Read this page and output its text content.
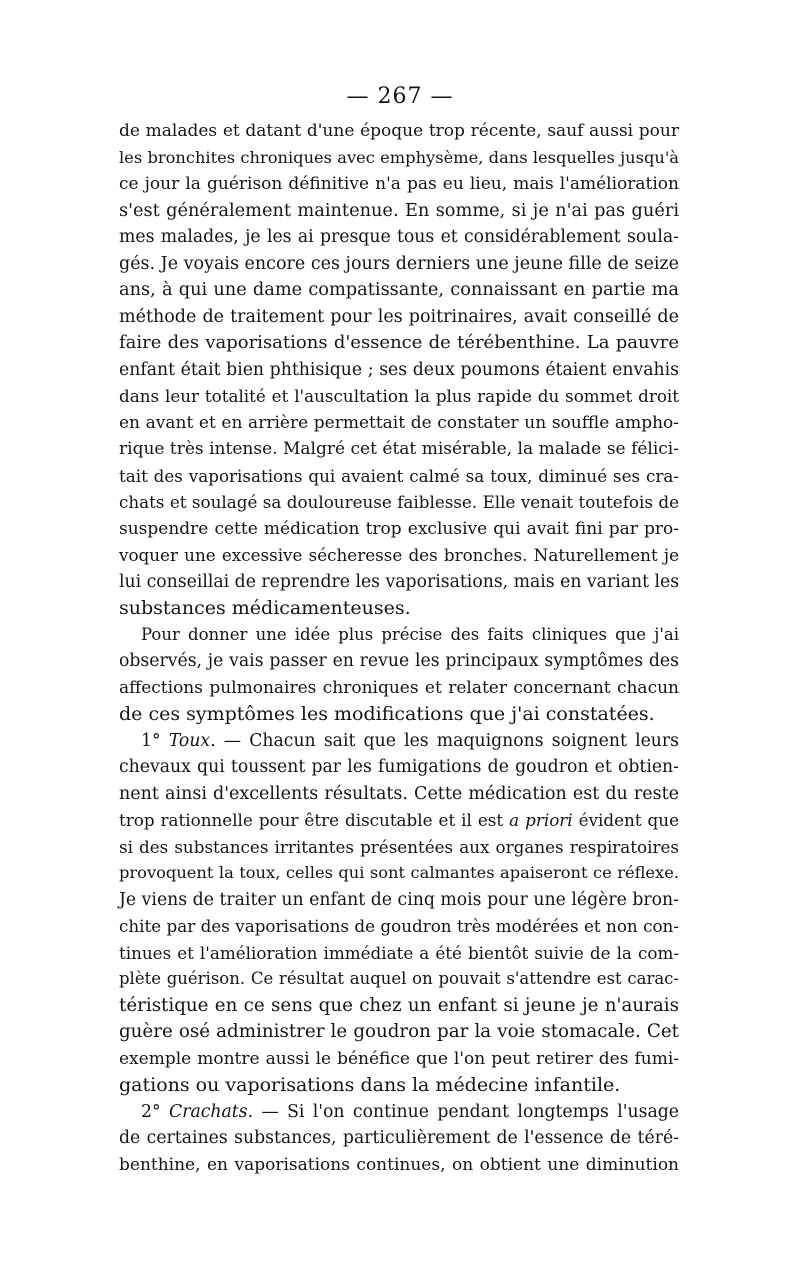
— 267 —
de malades et datant d'une époque trop récente, sauf aussi pour
les bronchites chroniques avec emphysème, dans lesquelles jusqu'à
ce jour la guérison définitive n'a pas eu lieu, mais l'amélioration
s'est généralement maintenue. En somme, si je n'ai pas guéri
mes malades, je les ai presque tous et considérablement soula-
gés. Je voyais encore ces jours derniers une jeune fille de seize
ans, à qui une dame compatissante, connaissant en partie ma
méthode de traitement pour les poitrinaires, avait conseillé de
faire des vaporisations d'essence de térébenthine. La pauvre
enfant était bien phthisique ; ses deux poumons étaient envahis
dans leur totalité et l'auscultation la plus rapide du sommet droit
en avant et en arrière permettait de constater un souffle ampho-
rique très intense. Malgré cet état misérable, la malade se félici-
tait des vaporisations qui avaient calmé sa toux, diminué ses cra-
chats et soulagé sa douloureuse faiblesse. Elle venait toutefois de
suspendre cette médication trop exclusive qui avait fini par pro-
voquer une excessive sécheresse des bronches. Naturellement je
lui conseillai de reprendre les vaporisations, mais en variant les
substances médicamenteuses.
Pour donner une idée plus précise des faits cliniques que j'ai
observés, je vais passer en revue les principaux symptômes des
affections pulmonaires chroniques et relater concernant chacun
de ces symptômes les modifications que j'ai constatées.
1° Toux. — Chacun sait que les maquignons soignent leurs
chevaux qui toussent par les fumigations de goudron et obtien-
nent ainsi d'excellents résultats. Cette médication est du reste
trop rationnelle pour être discutable et il est a priori évident que
si des substances irritantes présentées aux organes respiratoires
provoquent la toux, celles qui sont calmantes apaiseront ce réflexe.
Je viens de traiter un enfant de cinq mois pour une légère bron-
chite par des vaporisations de goudron très modérées et non con-
tinues et l'amélioration immédiate a été bientôt suivie de la com-
plète guérison. Ce résultat auquel on pouvait s'attendre est carac-
téristique en ce sens que chez un enfant si jeune je n'aurais
guère osé administrer le goudron par la voie stomacale. Cet
exemple montre aussi le bénéfice que l'on peut retirer des fumi-
gations ou vaporisations dans la médecine infantile.
2° Crachats. — Si l'on continue pendant longtemps l'usage
de certaines substances, particulièrement de l'essence de téré-
benthine, en vaporisations continues, on obtient une diminution
